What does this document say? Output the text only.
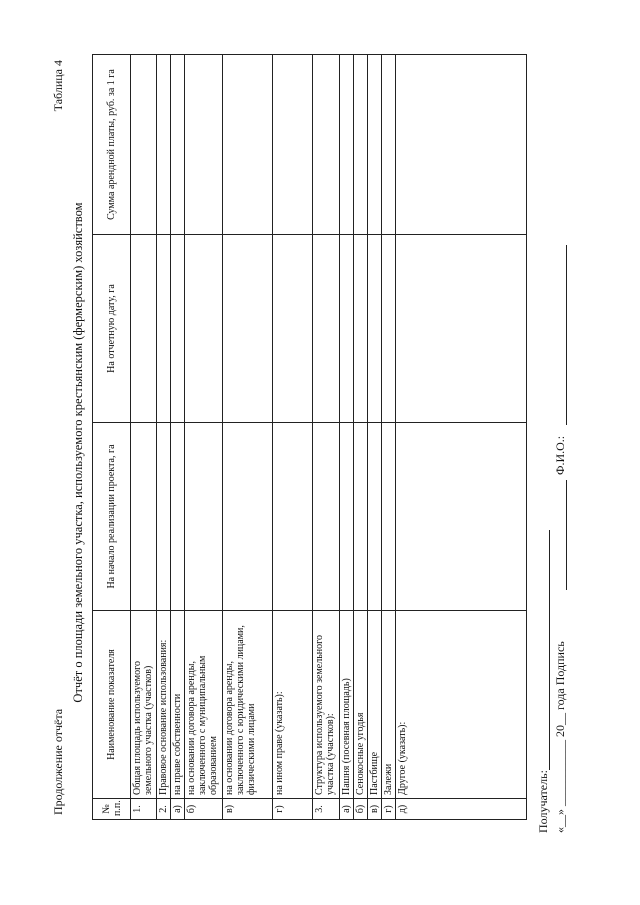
Продолжение отчёта
Таблица 4
Отчёт о площади земельного участка, используемого крестьянским (фермерским) хозяйством
№ п.п.	Наименование показателя	На начало реализации проекта, га	На отчетную дату, га	Сумма арендной платы, руб. за 1 га
1.	Общая площадь используемого земельного участка (участков)			
2.	Правовое основание использования:			
а)	на праве собственности			
б)	на основании договора аренды, заключенного с муниципальным образованием			
в)	на основании договора аренды, заключенного с юридическими лицами, физическими лицами			
г)	на ином праве (указать):			
3.	Структура используемого земельного участка (участков):			
а)	Пашня (посевная площадь)			
б)	Сенокосные угодья			
в)	Пастбище			
г)	Залежи			
д)	Другое (указать):			
Получатель: «__» ___________ 20__ года Подпись
Ф.И.О.:
